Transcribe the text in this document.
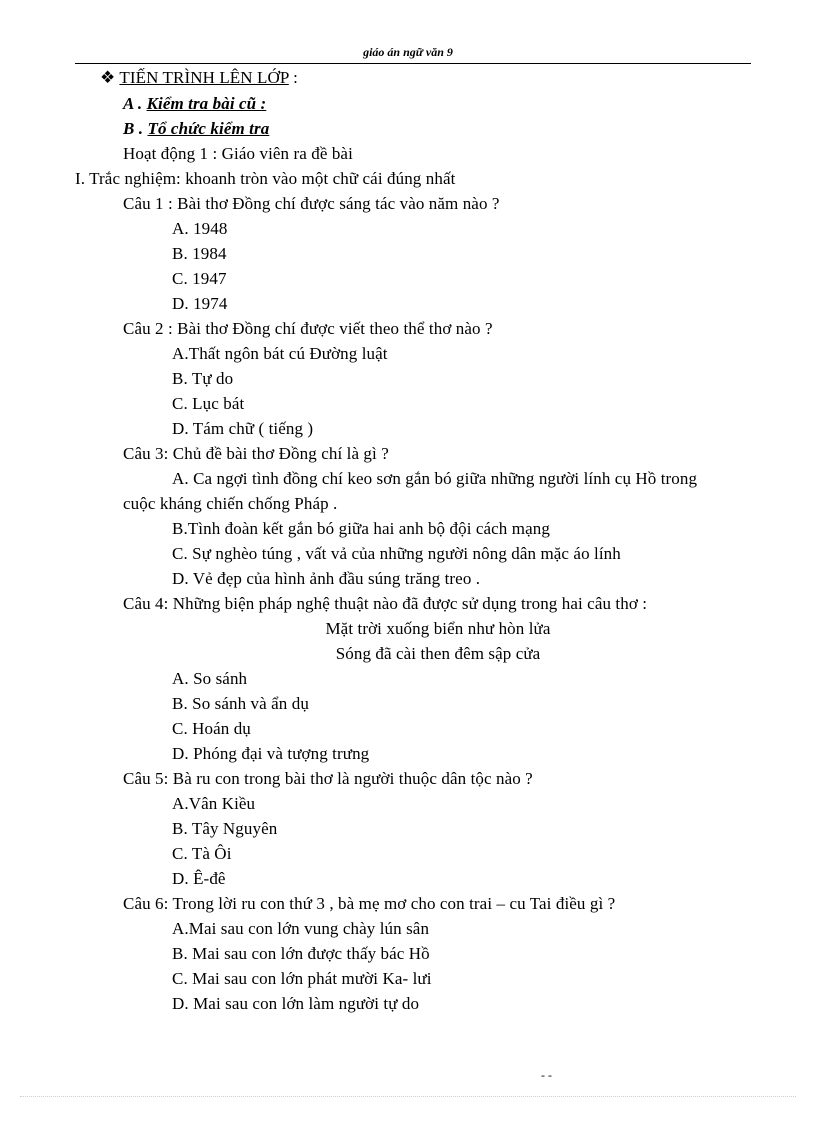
giáo án ngữ văn 9
❖ TIẾN TRÌNH LÊN LỚP :
A . Kiểm tra bài cũ :
B . Tổ chức kiểm tra
Hoạt động 1 : Giáo viên ra đề bài
I. Trắc nghiệm: khoanh tròn vào một chữ cái đúng nhất
Câu 1 : Bài thơ Đồng chí được sáng tác vào năm nào ?
A. 1948
B. 1984
C. 1947
D. 1974
Câu 2 : Bài thơ Đồng chí được viết theo thể thơ nào ?
A.Thất ngôn bát cú Đường luật
B. Tự do
C. Lục bát
D. Tám chữ ( tiếng )
Câu 3: Chủ đề bài thơ Đồng chí là gì ?
A. Ca ngợi tình đồng chí keo sơn gắn bó giữa những người lính cụ Hồ trong
cuộc kháng chiến chống Pháp .
B.Tình đoàn kết gắn bó giữa hai anh bộ đội cách mạng
C. Sự nghèo túng , vất vả của những người nông dân mặc áo lính
D. Vẻ đẹp của hình ảnh đầu súng trăng treo .
Câu 4: Những biện pháp nghệ thuật nào đã được sử dụng trong hai câu thơ :
Mặt trời xuống biển như hòn lửa
Sóng đã cài then đêm sập cửa
A. So sánh
B. So sánh và ẩn dụ
C. Hoán dụ
D. Phóng đại và tượng trưng
Câu 5: Bà ru con trong bài thơ là người thuộc dân tộc nào ?
A.Vân Kiều
B. Tây Nguyên
C. Tà Ôi
D. Ê-đê
Câu 6: Trong lời ru con thứ 3 , bà mẹ mơ cho con trai – cu Tai điều gì ?
A.Mai sau con lớn vung chày lún sân
B. Mai sau con lớn được thấy bác Hồ
C. Mai sau con lớn phát mười Ka- lưi
D. Mai sau con lớn làm người tự do
- -
